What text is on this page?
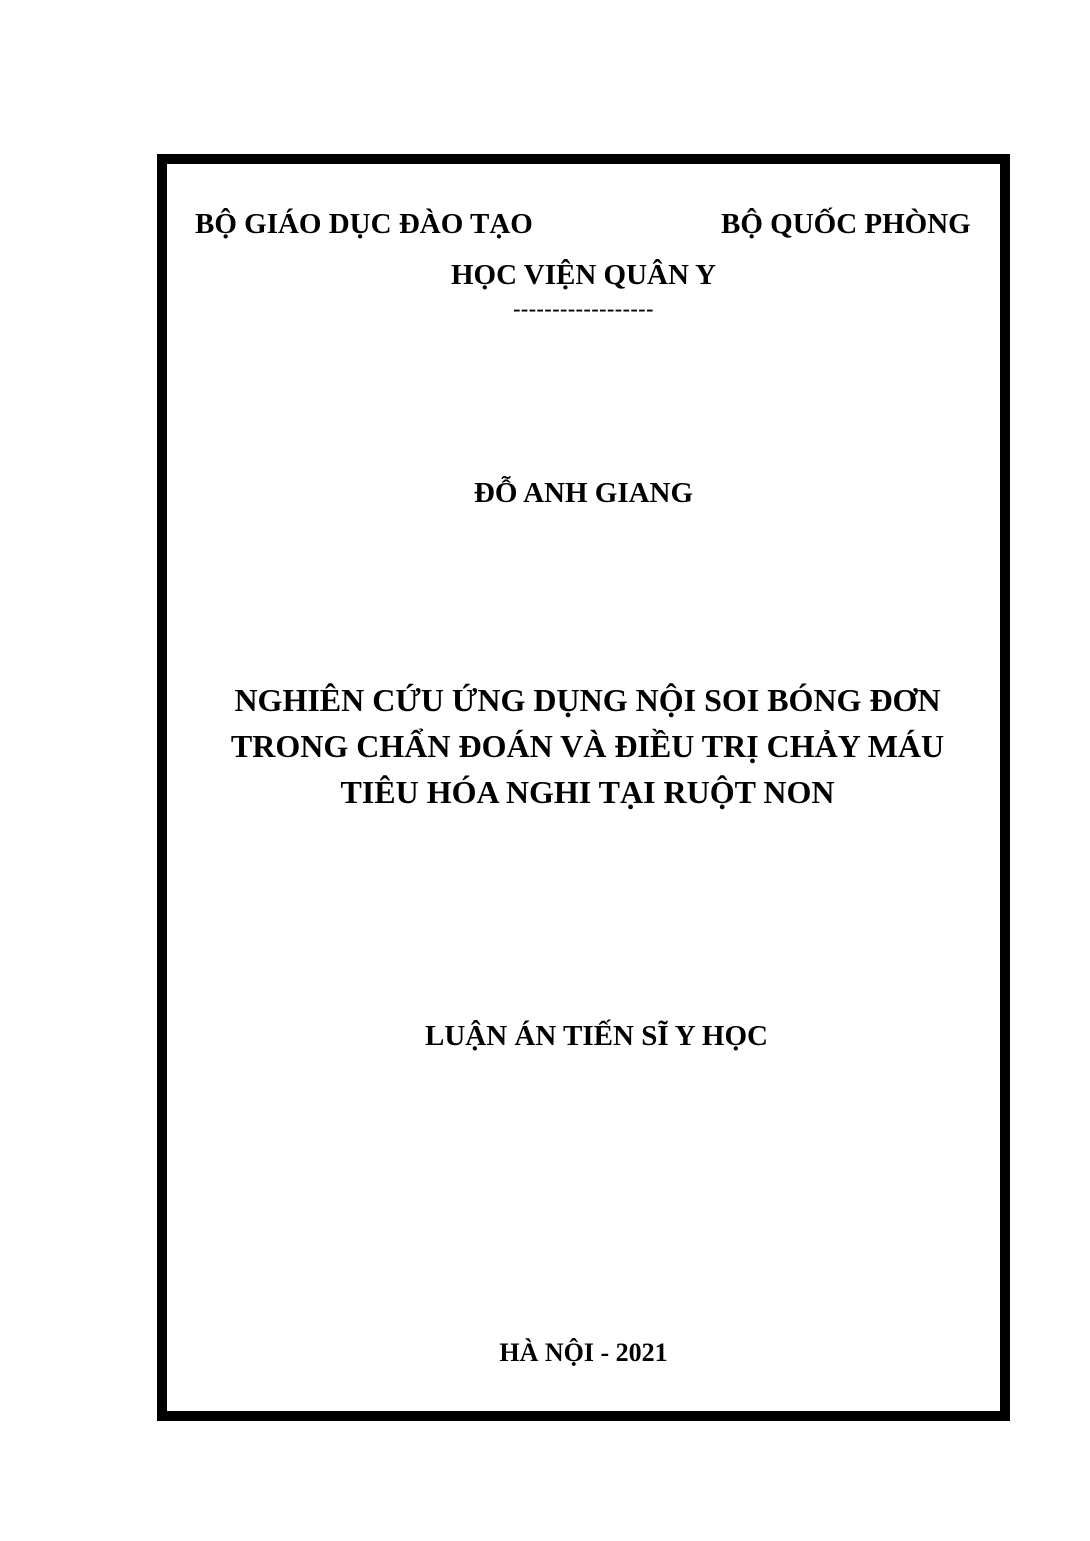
BỘ GIÁO DỤC ĐÀO TẠO	BỘ QUỐC PHÒNG
HỌC VIỆN QUÂN Y
------------------
ĐỖ ANH GIANG
NGHIÊN CỨU ỨNG DỤNG NỘI SOI BÓNG ĐƠN
TRONG CHẨN ĐOÁN VÀ ĐIỀU TRỊ CHẢY MÁU
TIÊU HÓA NGHI TẠI RUỘT NON
LUẬN ÁN TIẾN SĨ Y HỌC
HÀ NỘI - 2021
